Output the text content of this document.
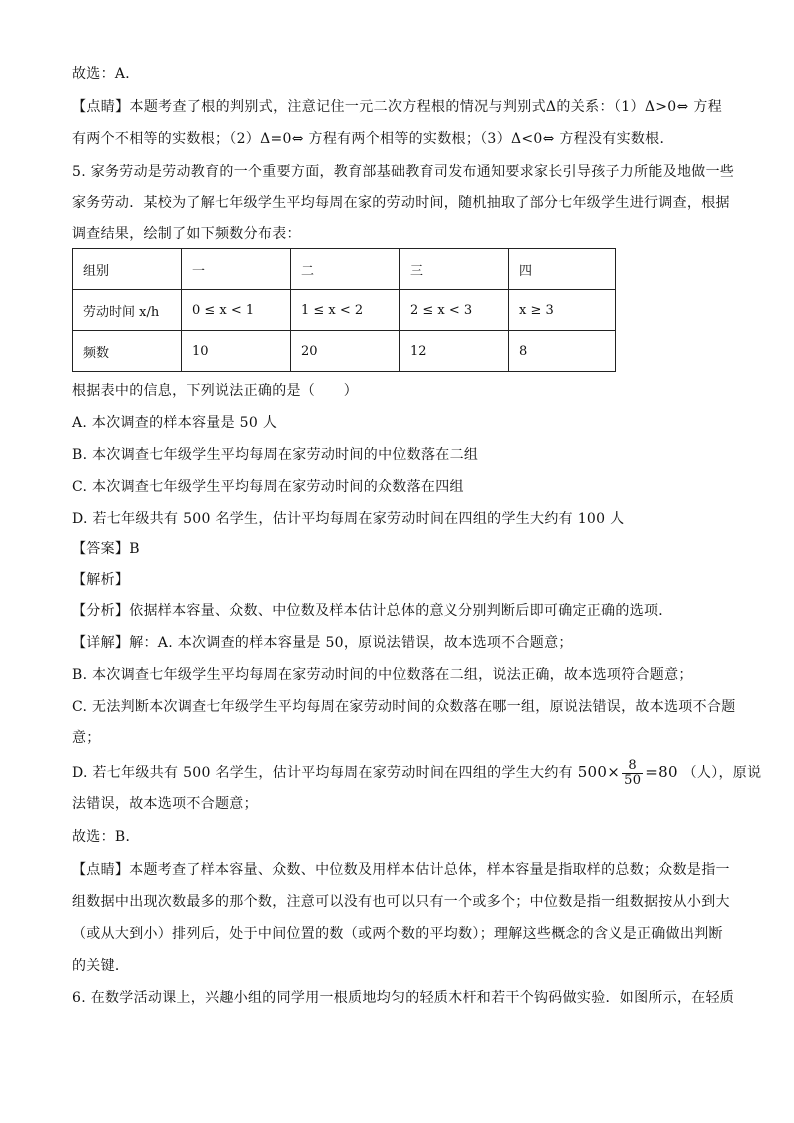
故选：A．
【点睛】本题考查了根的判别式，注意记住一元二次方程根的情况与判别式Δ的关系：（1）Δ>0⇔ 方程
有两个不相等的实数根；（2）Δ=0⇔ 方程有两个相等的实数根；（3）Δ<0⇔ 方程没有实数根．
5. 家务劳动是劳动教育的一个重要方面，教育部基础教育司发布通知要求家长引导孩子力所能及地做一些
家务劳动．某校为了解七年级学生平均每周在家的劳动时间，随机抽取了部分七年级学生进行调查，根据
调查结果，绘制了如下频数分布表：
组别	一	二	三	四
劳动时间 x/h	0 ≤ x < 1	1 ≤ x < 2	2 ≤ x < 3	x ≥ 3
频数	10	20	12	8
根据表中的信息，下列说法正确的是（　　）
A. 本次调查的样本容量是 50 人
B. 本次调查七年级学生平均每周在家劳动时间的中位数落在二组
C. 本次调查七年级学生平均每周在家劳动时间的众数落在四组
D. 若七年级共有 500 名学生，估计平均每周在家劳动时间在四组的学生大约有 100 人
【答案】B
【解析】
【分析】依据样本容量、众数、中位数及样本估计总体的意义分别判断后即可确定正确的选项．
【详解】解：A. 本次调查的样本容量是 50，原说法错误，故本选项不合题意；
B. 本次调查七年级学生平均每周在家劳动时间的中位数落在二组，说法正确，故本选项符合题意；
C. 无法判断本次调查七年级学生平均每周在家劳动时间的众数落在哪一组，原说法错误，故本选项不合题
意；
D. 若七年级共有 500 名学生，估计平均每周在家劳动时间在四组的学生大约有 $500\times \frac{8}{50} =80$ （人），原说
法错误，故本选项不合题意；
故选：B．
【点睛】本题考查了样本容量、众数、中位数及用样本估计总体，样本容量是指取样的总数；众数是指一
组数据中出现次数最多的那个数，注意可以没有也可以只有一个或多个；中位数是指一组数据按从小到大
（或从大到小）排列后，处于中间位置的数（或两个数的平均数）；理解这些概念的含义是正确做出判断
的关键．
6. 在数学活动课上，兴趣小组的同学用一根质地均匀的轻质木杆和若干个钩码做实验．如图所示，在轻质
